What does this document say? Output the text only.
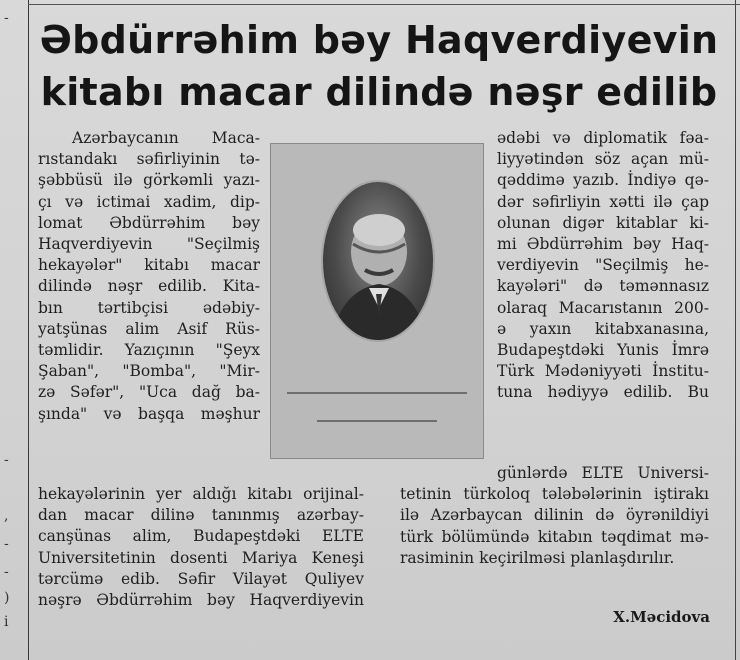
-
-
,
-
-
)
i
Əbdürrəhim bəy Haqverdiyevin
kitabı macar dilində nəşr edilib
Azərbaycanın Maca-
rıstandakı səfirliyinin tə-
şəbbüsü ilə görkəmli yazı-
çı və ictimai xadim, dip-
lomat Əbdürrəhim bəy
Haqverdiyevin "Seçilmiş
hekayələr" kitabı macar
dilində nəşr edilib. Kita-
bın tərtibçisi ədəbiy-
yatşünas alim Asif Rüs-
təmlidir. Yazıçının "Şeyx
Şaban", "Bomba", "Mir-
zə Səfər", "Uca dağ ba-
şında" və başqa məşhur
hekayələrinin yer aldığı kitabı orijinal-
dan macar dilinə tanınmış azərbay-
canşünas alim, Budapeştdəki ELTE
Universitetinin dosenti Mariya Keneşi
tərcümə edib. Səfir Vilayət Quliyev
nəşrə Əbdürrəhim bəy Haqverdiyevin
ədəbi və diplomatik fəa-
liyyətindən söz açan mü-
qəddimə yazıb. İndiyə qə-
dər səfirliyin xətti ilə çap
olunan digər kitablar ki-
mi Əbdürrəhim bəy Haq-
verdiyevin "Seçilmiş he-
kayələri" də təmənnasız
olaraq Macarıstanın 200-
ə yaxın kitabxanasına,
Budapeştdəki Yunis İmrə
Türk Mədəniyyəti İnstitu-
tuna hədiyyə edilib. Bu
günlərdə ELTE Universi-
tetinin türkoloq tələbələrinin iştirakı
ilə Azərbaycan dilinin də öyrənildiyi
türk bölümündə kitabın təqdimat mə-
rasiminin keçirilməsi planlaşdırılır.

X.Məcidova
